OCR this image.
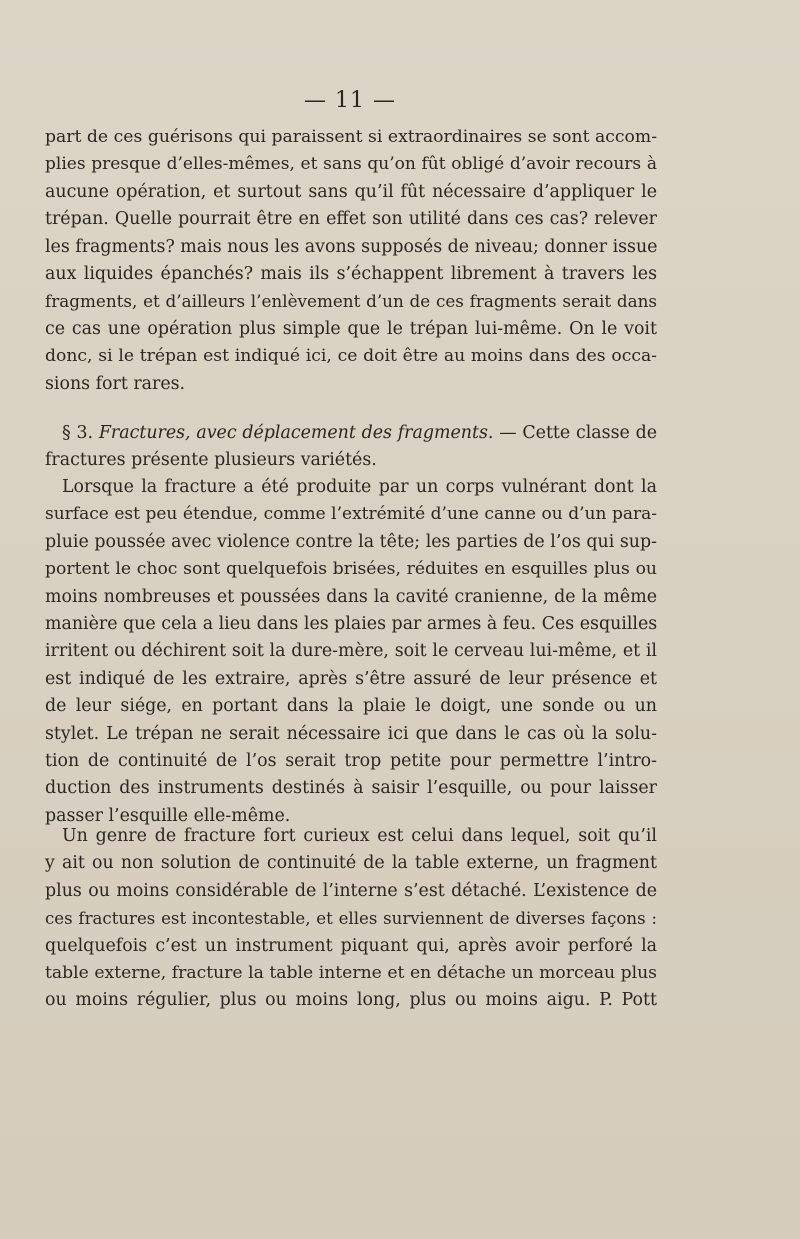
— 11 —
part de ces guérisons qui paraissent si extraordinaires se sont accom-
plies presque d’elles-mêmes, et sans qu’on fût obligé d’avoir recours à
aucune opération, et surtout sans qu’il fût nécessaire d’appliquer le
trépan. Quelle pourrait être en effet son utilité dans ces cas? relever
les fragments? mais nous les avons supposés de niveau; donner issue
aux liquides épanchés? mais ils s’échappent librement à travers les
fragments, et d’ailleurs l’enlèvement d’un de ces fragments serait dans
ce cas une opération plus simple que le trépan lui-même. On le voit
donc, si le trépan est indiqué ici, ce doit être au moins dans des occa-
sions fort rares.
§ 3. Fractures, avec déplacement des fragments. — Cette classe de
fractures présente plusieurs variétés.
Lorsque la fracture a été produite par un corps vulnérant dont la
surface est peu étendue, comme l’extrémité d’une canne ou d’un para-
pluie poussée avec violence contre la tête; les parties de l’os qui sup-
portent le choc sont quelquefois brisées, réduites en esquilles plus ou
moins nombreuses et poussées dans la cavité cranienne, de la même
manière que cela a lieu dans les plaies par armes à feu. Ces esquilles
irritent ou déchirent soit la dure-mère, soit le cerveau lui-même, et il
est indiqué de les extraire, après s’être assuré de leur présence et
de leur siége, en portant dans la plaie le doigt, une sonde ou un
stylet. Le trépan ne serait nécessaire ici que dans le cas où la solu-
tion de continuité de l’os serait trop petite pour permettre l’intro-
duction des instruments destinés à saisir l’esquille, ou pour laisser
passer l’esquille elle-même.
Un genre de fracture fort curieux est celui dans lequel, soit qu’il
y ait ou non solution de continuité de la table externe, un fragment
plus ou moins considérable de l’interne s’est détaché. L’existence de
ces fractures est incontestable, et elles surviennent de diverses façons :
quelquefois c’est un instrument piquant qui, après avoir perforé la
table externe, fracture la table interne et en détache un morceau plus
ou moins régulier, plus ou moins long, plus ou moins aigu. P. Pott
